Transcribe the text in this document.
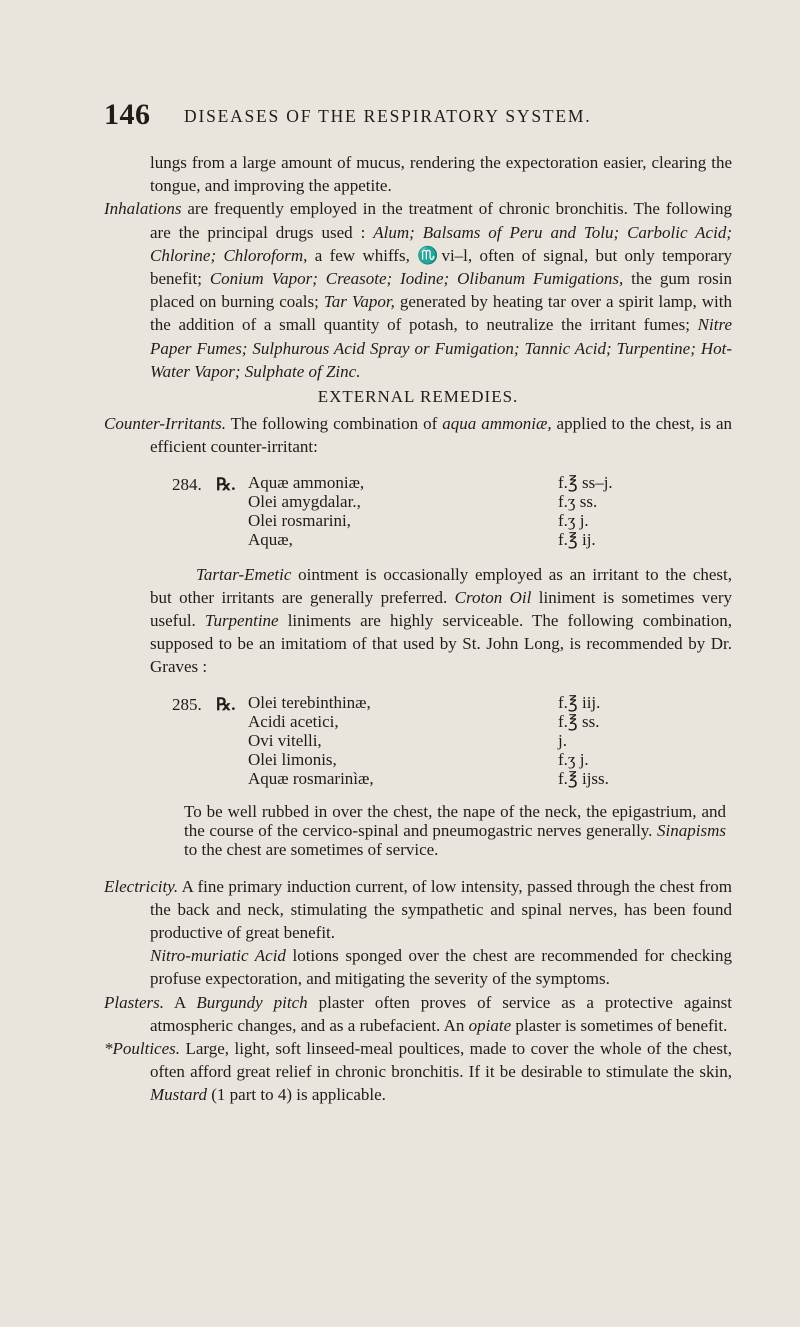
146 DISEASES OF THE RESPIRATORY SYSTEM.

lungs from a large amount of mucus, rendering the expectoration easier, clearing the tongue, and improving the appetite.

Inhalations are frequently employed in the treatment of chronic bronchitis. The following are the principal drugs used : Alum; Balsams of Peru and Tolu; Carbolic Acid; Chlorine; Chloroform, a few whiffs, ♏vi–l, often of signal, but only temporary benefit; Conium Vapor; Creasote; Iodine; Olibanum Fumigations, the gum rosin placed on burning coals; Tar Vapor, generated by heating tar over a spirit lamp, with the addition of a small quantity of potash, to neutralize the irritant fumes; Nitre Paper Fumes; Sulphurous Acid Spray or Fumigation; Tannic Acid; Turpentine; Hot-Water Vapor; Sulphate of Zinc.

EXTERNAL REMEDIES.

Counter-Irritants. The following combination of aqua ammoniæ, applied to the chest, is an efficient counter-irritant:

284. ℞. Aquæ ammoniæ,	f.℥ ss–j.
Olei amygdalar.,	f.ʒ ss.
Olei rosmarini,	f.ʒ j.
Aquæ,	f.℥ ij.

Tartar-Emetic ointment is occasionally employed as an irritant to the chest, but other irritants are generally preferred. Croton Oil liniment is sometimes very useful. Turpentine liniments are highly serviceable. The following combination, supposed to be an imitatiom of that used by St. John Long, is recommended by Dr. Graves :

285. ℞. Olei terebinthinæ,	f.℥ iij.
Acidi acetici,	f.℥ ss.
Ovi vitelli,	j.
Olei limonis,	f.ʒ j.
Aquæ rosmarinìæ,	f.℥ ijss.

To be well rubbed in over the chest, the nape of the neck, the epigastrium, and the course of the cervico-spinal and pneumogastric nerves generally. Sinapisms to the chest are sometimes of service.

Electricity. A fine primary induction current, of low intensity, passed through the chest from the back and neck, stimulating the sympathetic and spinal nerves, has been found productive of great benefit.

Nitro-muriatic Acid lotions sponged over the chest are recommended for checking profuse expectoration, and mitigating the severity of the symptoms.

Plasters. A Burgundy pitch plaster often proves of service as a protective against atmospheric changes, and as a rubefacient. An opiate plaster is sometimes of benefit.

*Poultices. Large, light, soft linseed-meal poultices, made to cover the whole of the chest, often afford great relief in chronic bronchitis. If it be desirable to stimulate the skin, Mustard (1 part to 4) is applicable.
